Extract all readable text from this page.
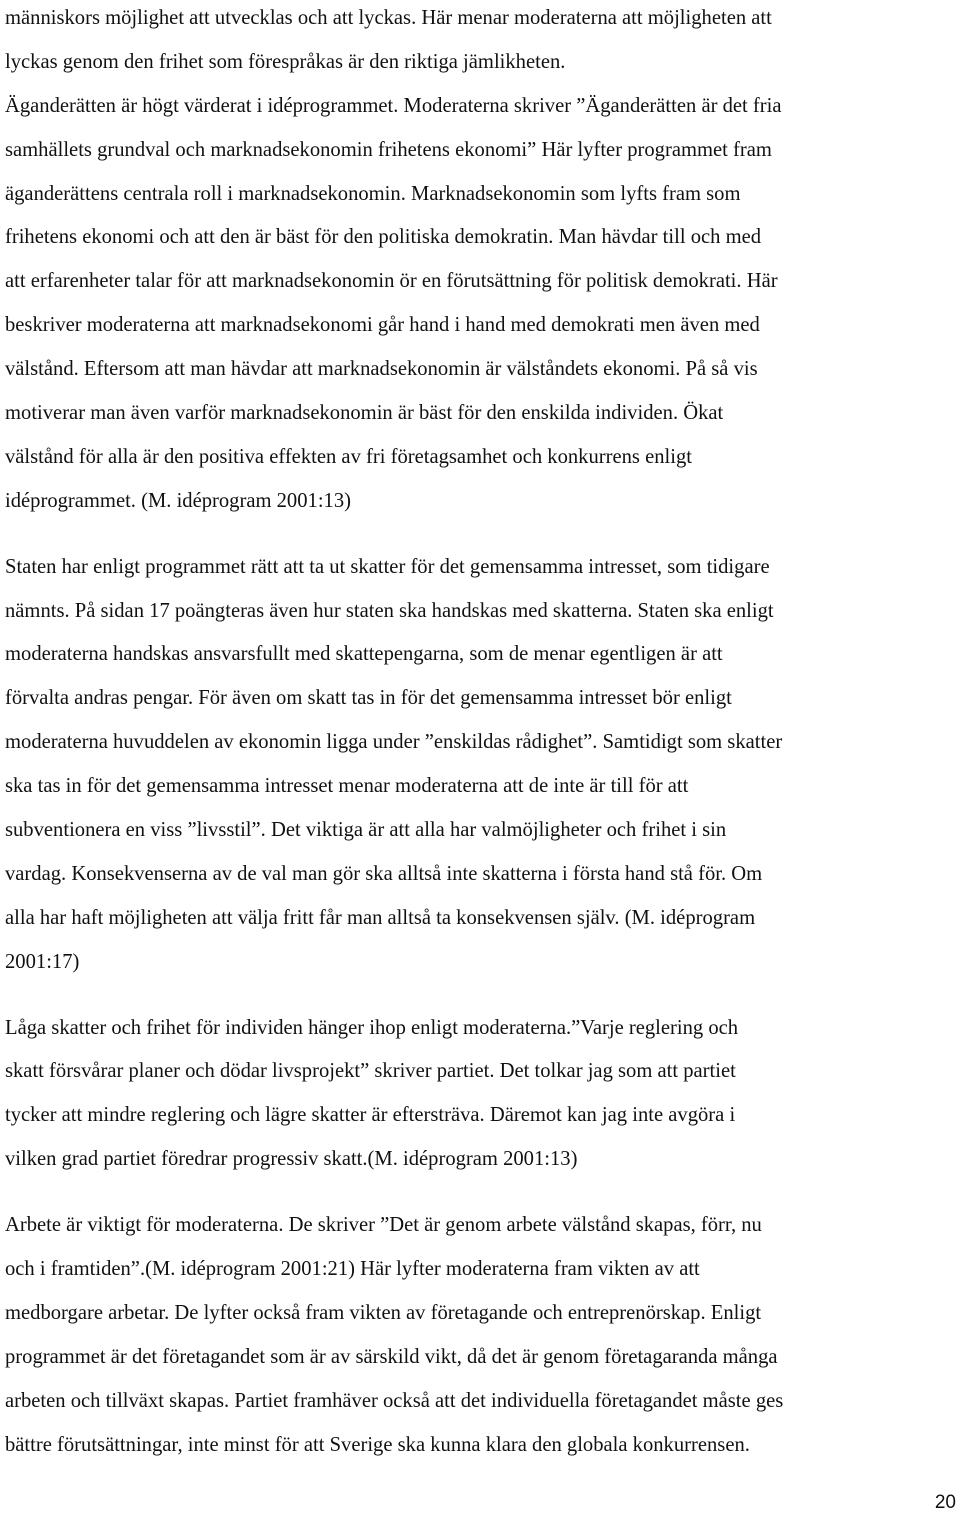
människors möjlighet att utvecklas och att lyckas. Här menar moderaterna att möjligheten att
lyckas genom den frihet som förespråkas är den riktiga jämlikheten.
Äganderätten är högt värderat i idéprogrammet. Moderaterna skriver ”Äganderätten är det fria
samhällets grundval och marknadsekonomin frihetens ekonomi” Här lyfter programmet fram
äganderättens centrala roll i marknadsekonomin. Marknadsekonomin som lyfts fram som
frihetens ekonomi och att den är bäst för den politiska demokratin. Man hävdar till och med
att erfarenheter talar för att marknadsekonomin ör en förutsättning för politisk demokrati. Här
beskriver moderaterna att marknadsekonomi går hand i hand med demokrati men även med
välstånd. Eftersom att man hävdar att marknadsekonomin är välståndets ekonomi. På så vis
motiverar man även varför marknadsekonomin är bäst för den enskilda individen. Ökat
välstånd för alla är den positiva effekten av fri företagsamhet och konkurrens enligt
idéprogrammet. (M. idéprogram 2001:13)
Staten har enligt programmet rätt att ta ut skatter för det gemensamma intresset, som tidigare
nämnts. På sidan 17 poängteras även hur staten ska handskas med skatterna. Staten ska enligt
moderaterna handskas ansvarsfullt med skattepengarna, som de menar egentligen är att
förvalta andras pengar. För även om skatt tas in för det gemensamma intresset bör enligt
moderaterna huvuddelen av ekonomin ligga under ”enskildas rådighet”. Samtidigt som skatter
ska tas in för det gemensamma intresset menar moderaterna att de inte är till för att
subventionera en viss ”livsstil”. Det viktiga är att alla har valmöjligheter och frihet i sin
vardag. Konsekvenserna av de val man gör ska alltså inte skatterna i första hand stå för. Om
alla har haft möjligheten att välja fritt får man alltså ta konsekvensen själv. (M. idéprogram
2001:17)
Låga skatter och frihet för individen hänger ihop enligt moderaterna.”Varje reglering och
skatt försvårar planer och dödar livsprojekt” skriver partiet. Det tolkar jag som att partiet
tycker att mindre reglering och lägre skatter är eftersträva. Däremot kan jag inte avgöra i
vilken grad partiet föredrar progressiv skatt.(M. idéprogram 2001:13)
Arbete är viktigt för moderaterna. De skriver ”Det är genom arbete välstånd skapas, förr, nu
och i framtiden”.(M. idéprogram 2001:21) Här lyfter moderaterna fram vikten av att
medborgare arbetar. De lyfter också fram vikten av företagande och entreprenörskap. Enligt
programmet är det företagandet som är av särskild vikt, då det är genom företagaranda många
arbeten och tillväxt skapas. Partiet framhäver också att det individuella företagandet måste ges
bättre förutsättningar, inte minst för att Sverige ska kunna klara den globala konkurrensen.
20
